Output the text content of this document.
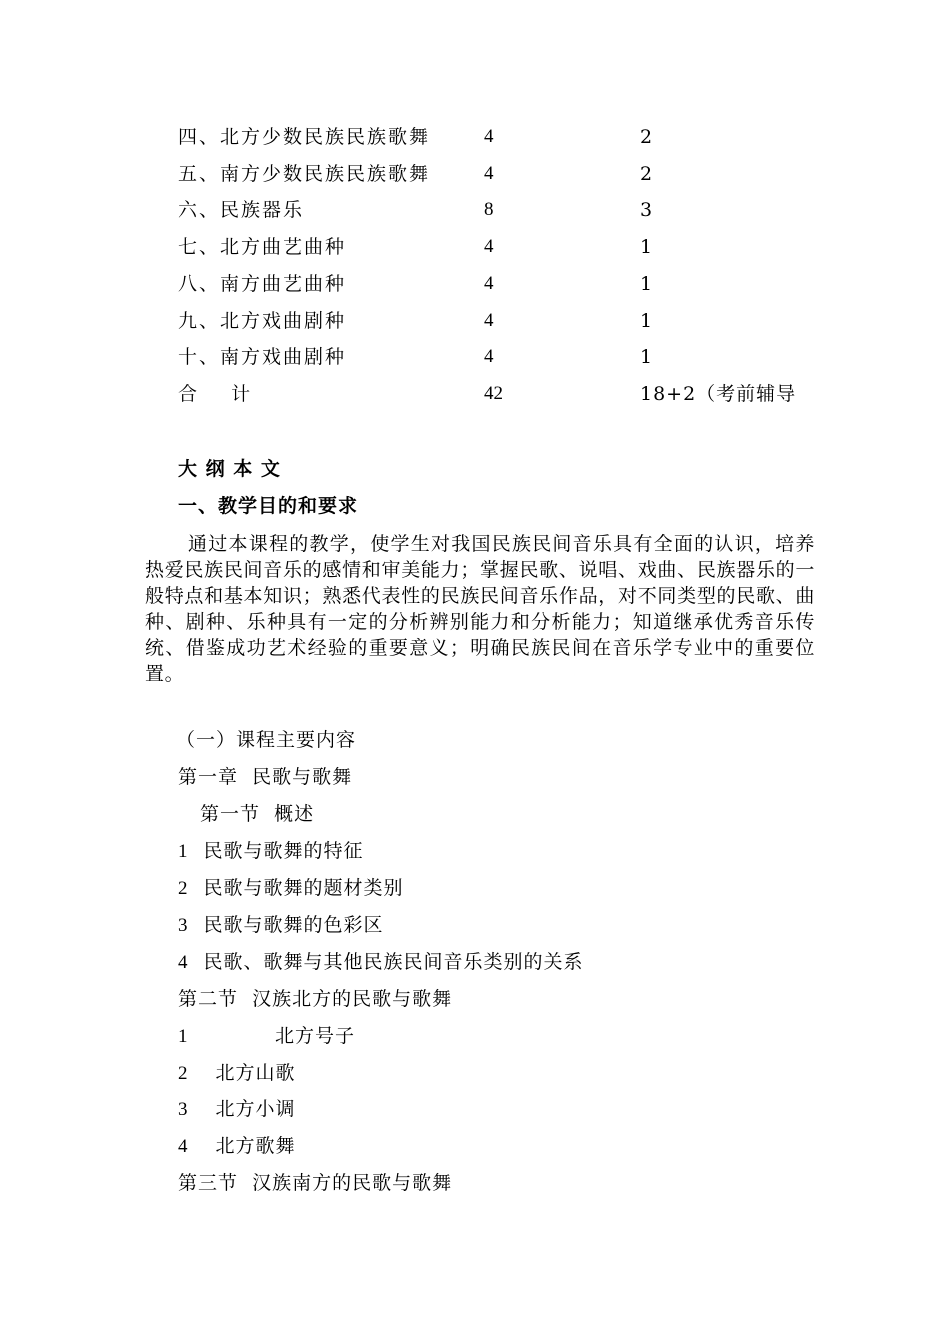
四、北方少数民族民族歌舞	4	2
五、南方少数民族民族歌舞	4	2
六、民族器乐	8	3
七、北方曲艺曲种	4	1
八、南方曲艺曲种	4	1
九、北方戏曲剧种	4	1
十、南方戏曲剧种	4	1
合    计	42	18+2（考前辅导
大 纲 本 文
一、教学目的和要求

通过本课程的教学，使学生对我国民族民间音乐具有全面的认识，培养热爱民族民间音乐的感情和审美能力；掌握民歌、说唱、戏曲、民族器乐的一般特点和基本知识；熟悉代表性的民族民间音乐作品，对不同类型的民歌、曲种、剧种、乐种具有一定的分析辨别能力和分析能力；知道继承优秀音乐传统、借鉴成功艺术经验的重要意义；明确民族民间在音乐学专业中的重要位置。

（一）课程主要内容
第一章  民歌与歌舞
第一节  概述
1 民歌与歌舞的特征
2 民歌与歌舞的题材类别
3 民歌与歌舞的色彩区
4 民歌、歌舞与其他民族民间音乐类别的关系
第二节  汉族北方的民歌与歌舞
1	北方号子
2 北方山歌
3 北方小调
4 北方歌舞
第三节  汉族南方的民歌与歌舞
